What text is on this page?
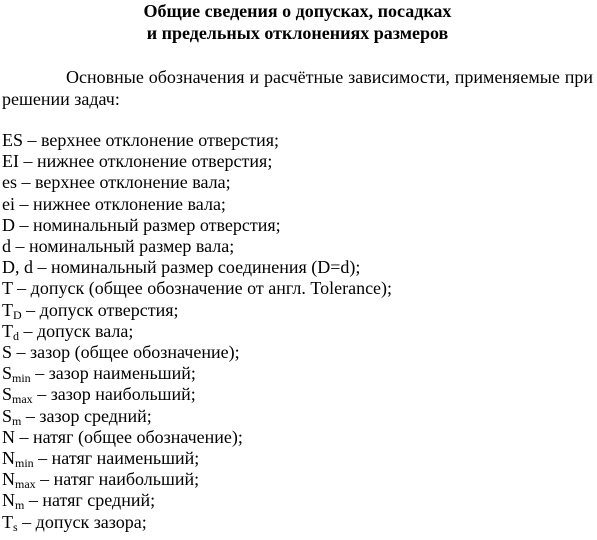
Общие сведения о допусках, посадках
и предельных отклонениях размеров

Основные обозначения и расчётные зависимости, применяемые при решении задач:

ES – верхнее отклонение отверстия;
EI – нижнее отклонение отверстия;
es – верхнее отклонение вала;
ei – нижнее отклонение вала;
D – номинальный размер отверстия;
d – номинальный размер вала;
D, d – номинальный размер соединения (D=d);
T – допуск (общее обозначение от англ. Tolerance);
$T_D$ – допуск отверстия;
$T_d$ – допуск вала;
S – зазор (общее обозначение);
$S_{min}$ – зазор наименьший;
$S_{max}$ – зазор наибольший;
$S_m$ – зазор средний;
N – натяг (общее обозначение);
$N_{min}$ – натяг наименьший;
$N_{max}$ – натяг наибольший;
$N_m$ – натяг средний;
$T_s$ – допуск зазора;
